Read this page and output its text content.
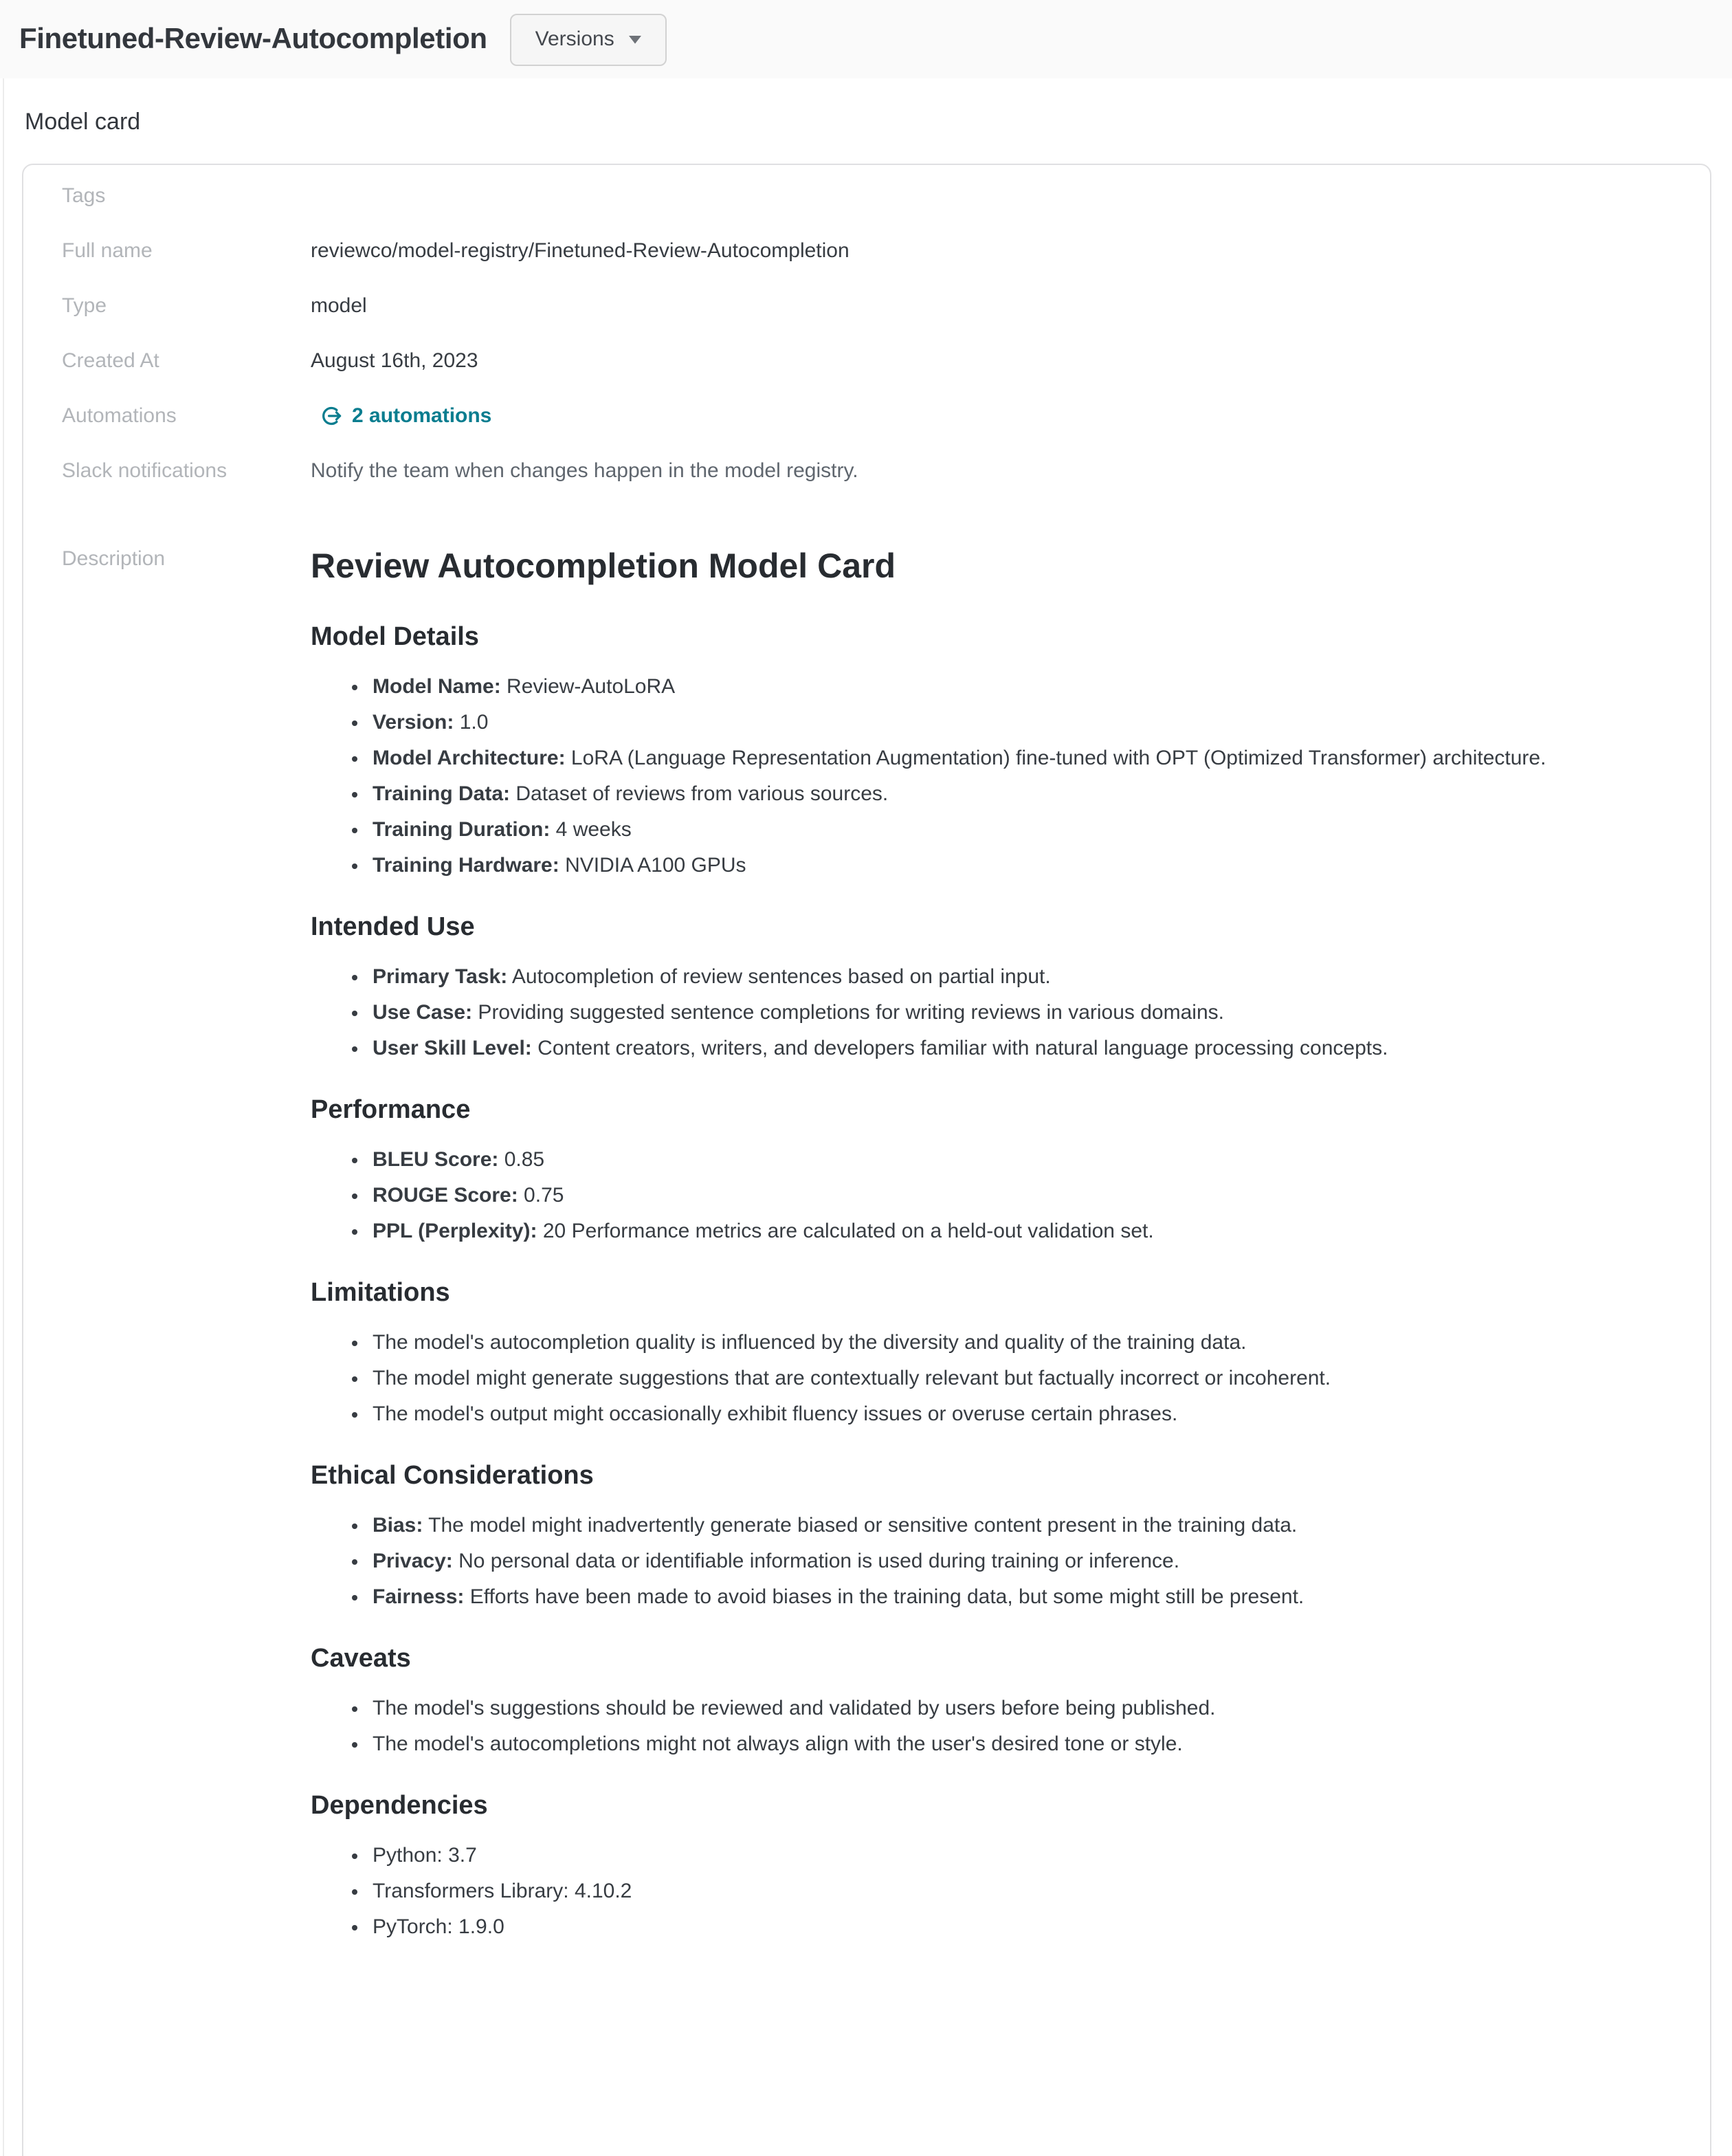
Finetuned-Review-Autocompletion	Versions
Model card
Tags
Full name	reviewco/model-registry/Finetuned-Review-Autocompletion
Type	model
Created At	August 16th, 2023
Automations	2 automations
Slack notifications	Notify the team when changes happen in the model registry.
Description	Review Autocompletion Model Card
Model Details
• Model Name: Review-AutoLoRA
• Version: 1.0
• Model Architecture: LoRA (Language Representation Augmentation) fine-tuned with OPT (Optimized Transformer) architecture.
• Training Data: Dataset of reviews from various sources.
• Training Duration: 4 weeks
• Training Hardware: NVIDIA A100 GPUs
Intended Use
• Primary Task: Autocompletion of review sentences based on partial input.
• Use Case: Providing suggested sentence completions for writing reviews in various domains.
• User Skill Level: Content creators, writers, and developers familiar with natural language processing concepts.
Performance
• BLEU Score: 0.85
• ROUGE Score: 0.75
• PPL (Perplexity): 20 Performance metrics are calculated on a held-out validation set.
Limitations
• The model's autocompletion quality is influenced by the diversity and quality of the training data.
• The model might generate suggestions that are contextually relevant but factually incorrect or incoherent.
• The model's output might occasionally exhibit fluency issues or overuse certain phrases.
Ethical Considerations
• Bias: The model might inadvertently generate biased or sensitive content present in the training data.
• Privacy: No personal data or identifiable information is used during training or inference.
• Fairness: Efforts have been made to avoid biases in the training data, but some might still be present.
Caveats
• The model's suggestions should be reviewed and validated by users before being published.
• The model's autocompletions might not always align with the user's desired tone or style.
Dependencies
• Python: 3.7
• Transformers Library: 4.10.2
• PyTorch: 1.9.0
